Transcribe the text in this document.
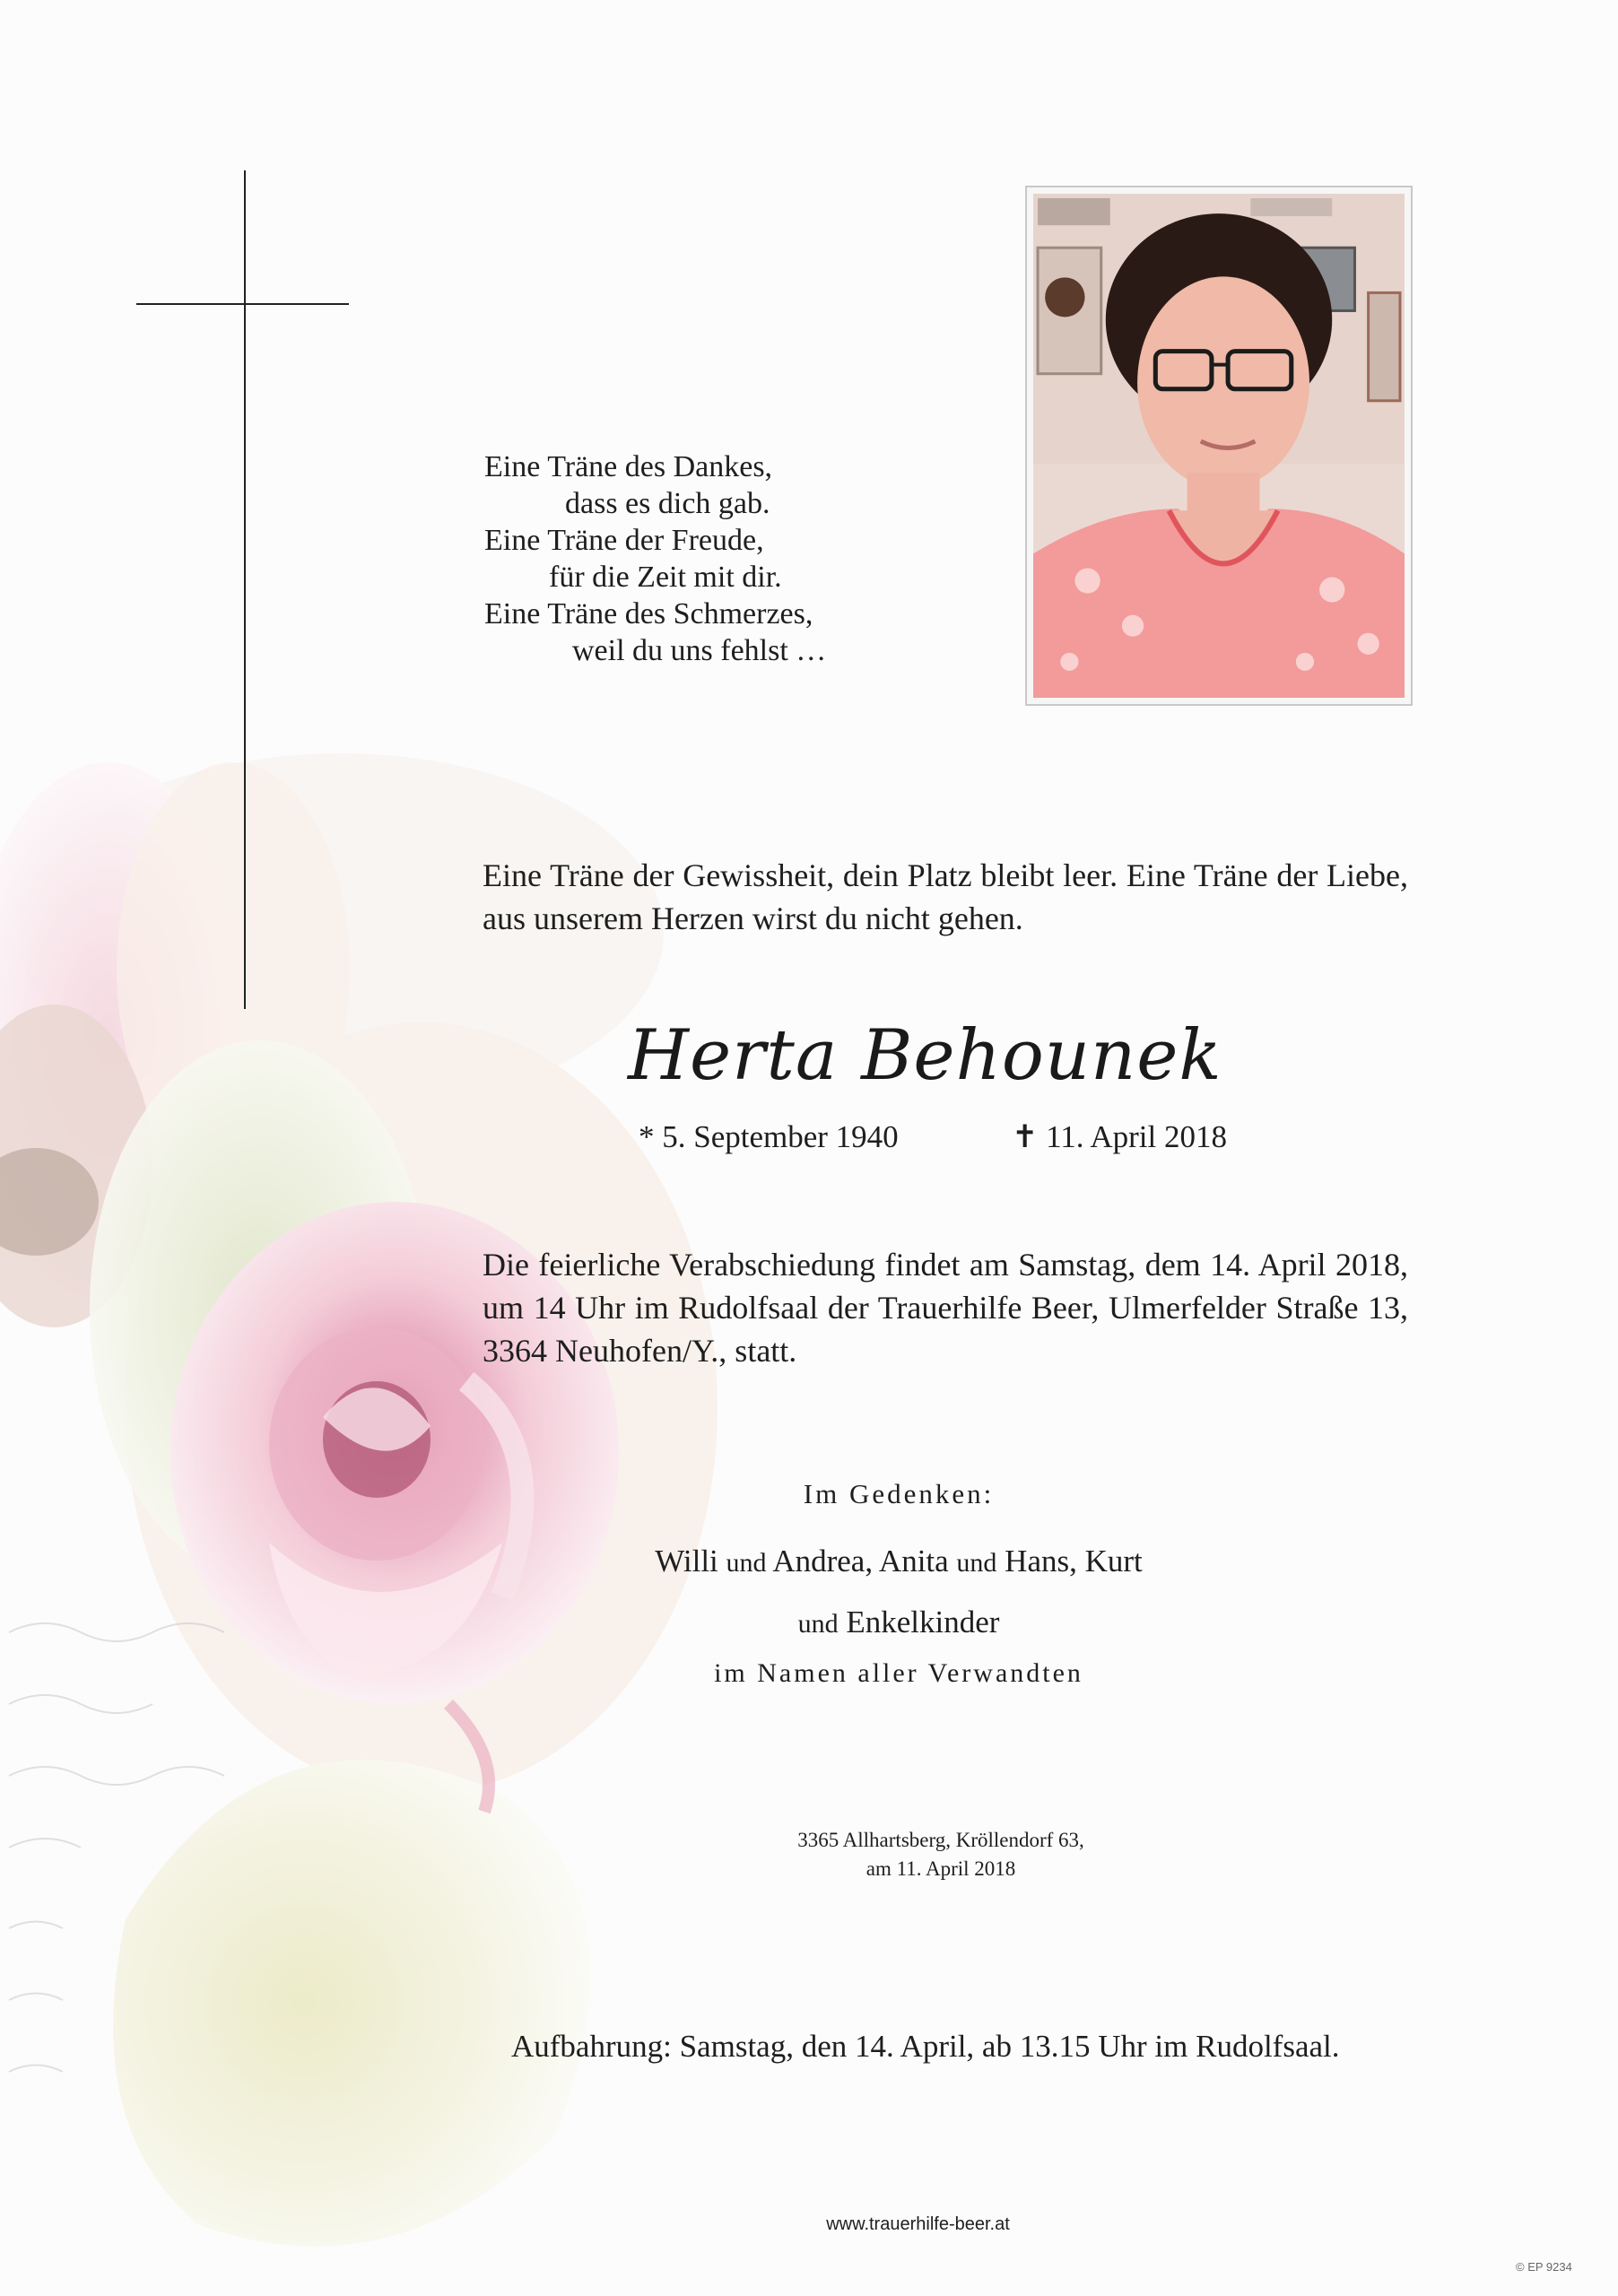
Eine Träne des Dankes,
dass es dich gab.
Eine Träne der Freude,
für die Zeit mit dir.
Eine Träne des Schmerzes,
weil du uns fehlst …
Eine Träne der Gewissheit, dein Platz bleibt leer. Eine Träne der Liebe, aus unserem Herzen wirst du nicht gehen.
Herta Behounek
* 5. September 1940	✝ 11. April 2018
Die feierliche Verabschiedung findet am Samstag, dem 14. April 2018, um 14 Uhr im Rudolfsaal der Trauerhilfe Beer, Ulmerfelder Straße 13, 3364 Neuhofen/Y., statt.
Im Gedenken:
Willi und Andrea, Anita und Hans, Kurt
und Enkelkinder
im Namen aller Verwandten
3365 Allhartsberg, Kröllendorf 63,
am 11. April 2018
Aufbahrung: Samstag, den 14. April, ab 13.15 Uhr im Rudolfsaal.
www.trauerhilfe-beer.at
© EP 9234
